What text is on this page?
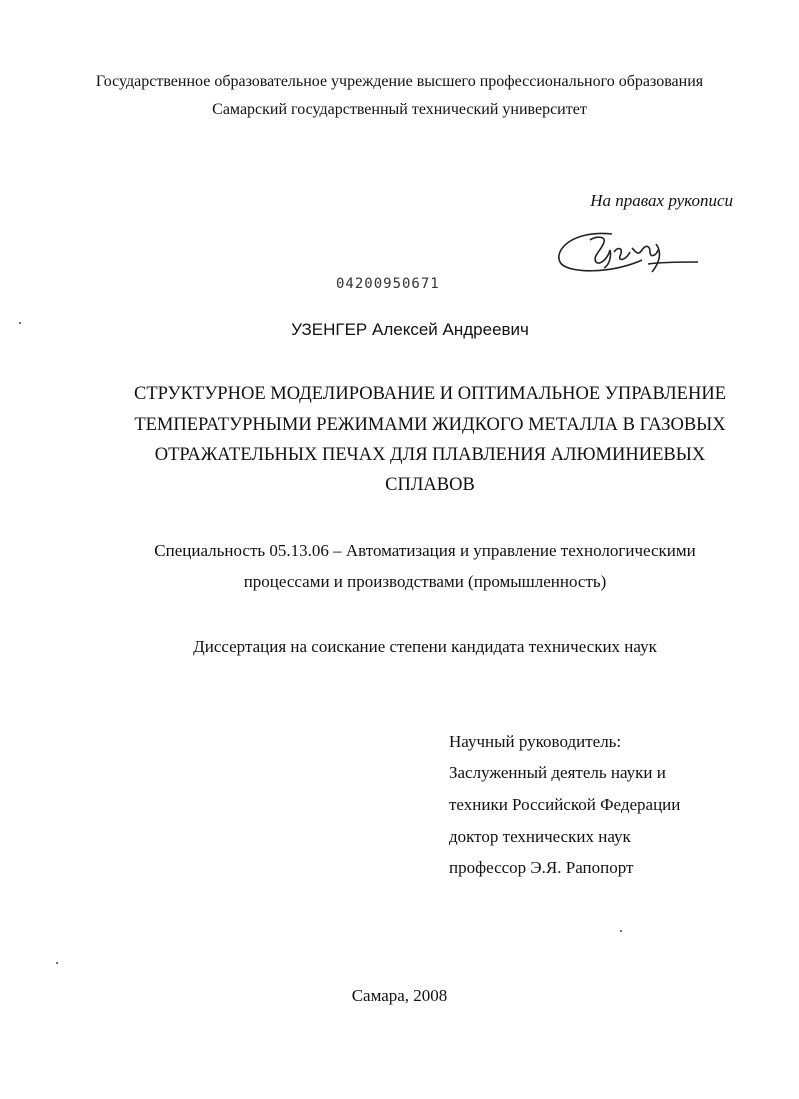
Государственное образовательное учреждение высшего профессионального образования
Самарский государственный технический университет
На правах рукописи
04200950671
УЗЕНГЕР Алексей Андреевич
СТРУКТУРНОЕ МОДЕЛИРОВАНИЕ И ОПТИМАЛЬНОЕ УПРАВЛЕНИЕ
ТЕМПЕРАТУРНЫМИ РЕЖИМАМИ ЖИДКОГО МЕТАЛЛА В ГАЗОВЫХ
ОТРАЖАТЕЛЬНЫХ ПЕЧАХ ДЛЯ ПЛАВЛЕНИЯ АЛЮМИНИЕВЫХ
СПЛАВОВ
Специальность 05.13.06 – Автоматизация и управление технологическими
процессами и производствами (промышленность)
Диссертация на соискание степени кандидата технических наук
Научный руководитель:
Заслуженный деятель науки и
техники Российской Федерации
доктор технических наук
профессор Э.Я. Рапопорт
Самара, 2008
